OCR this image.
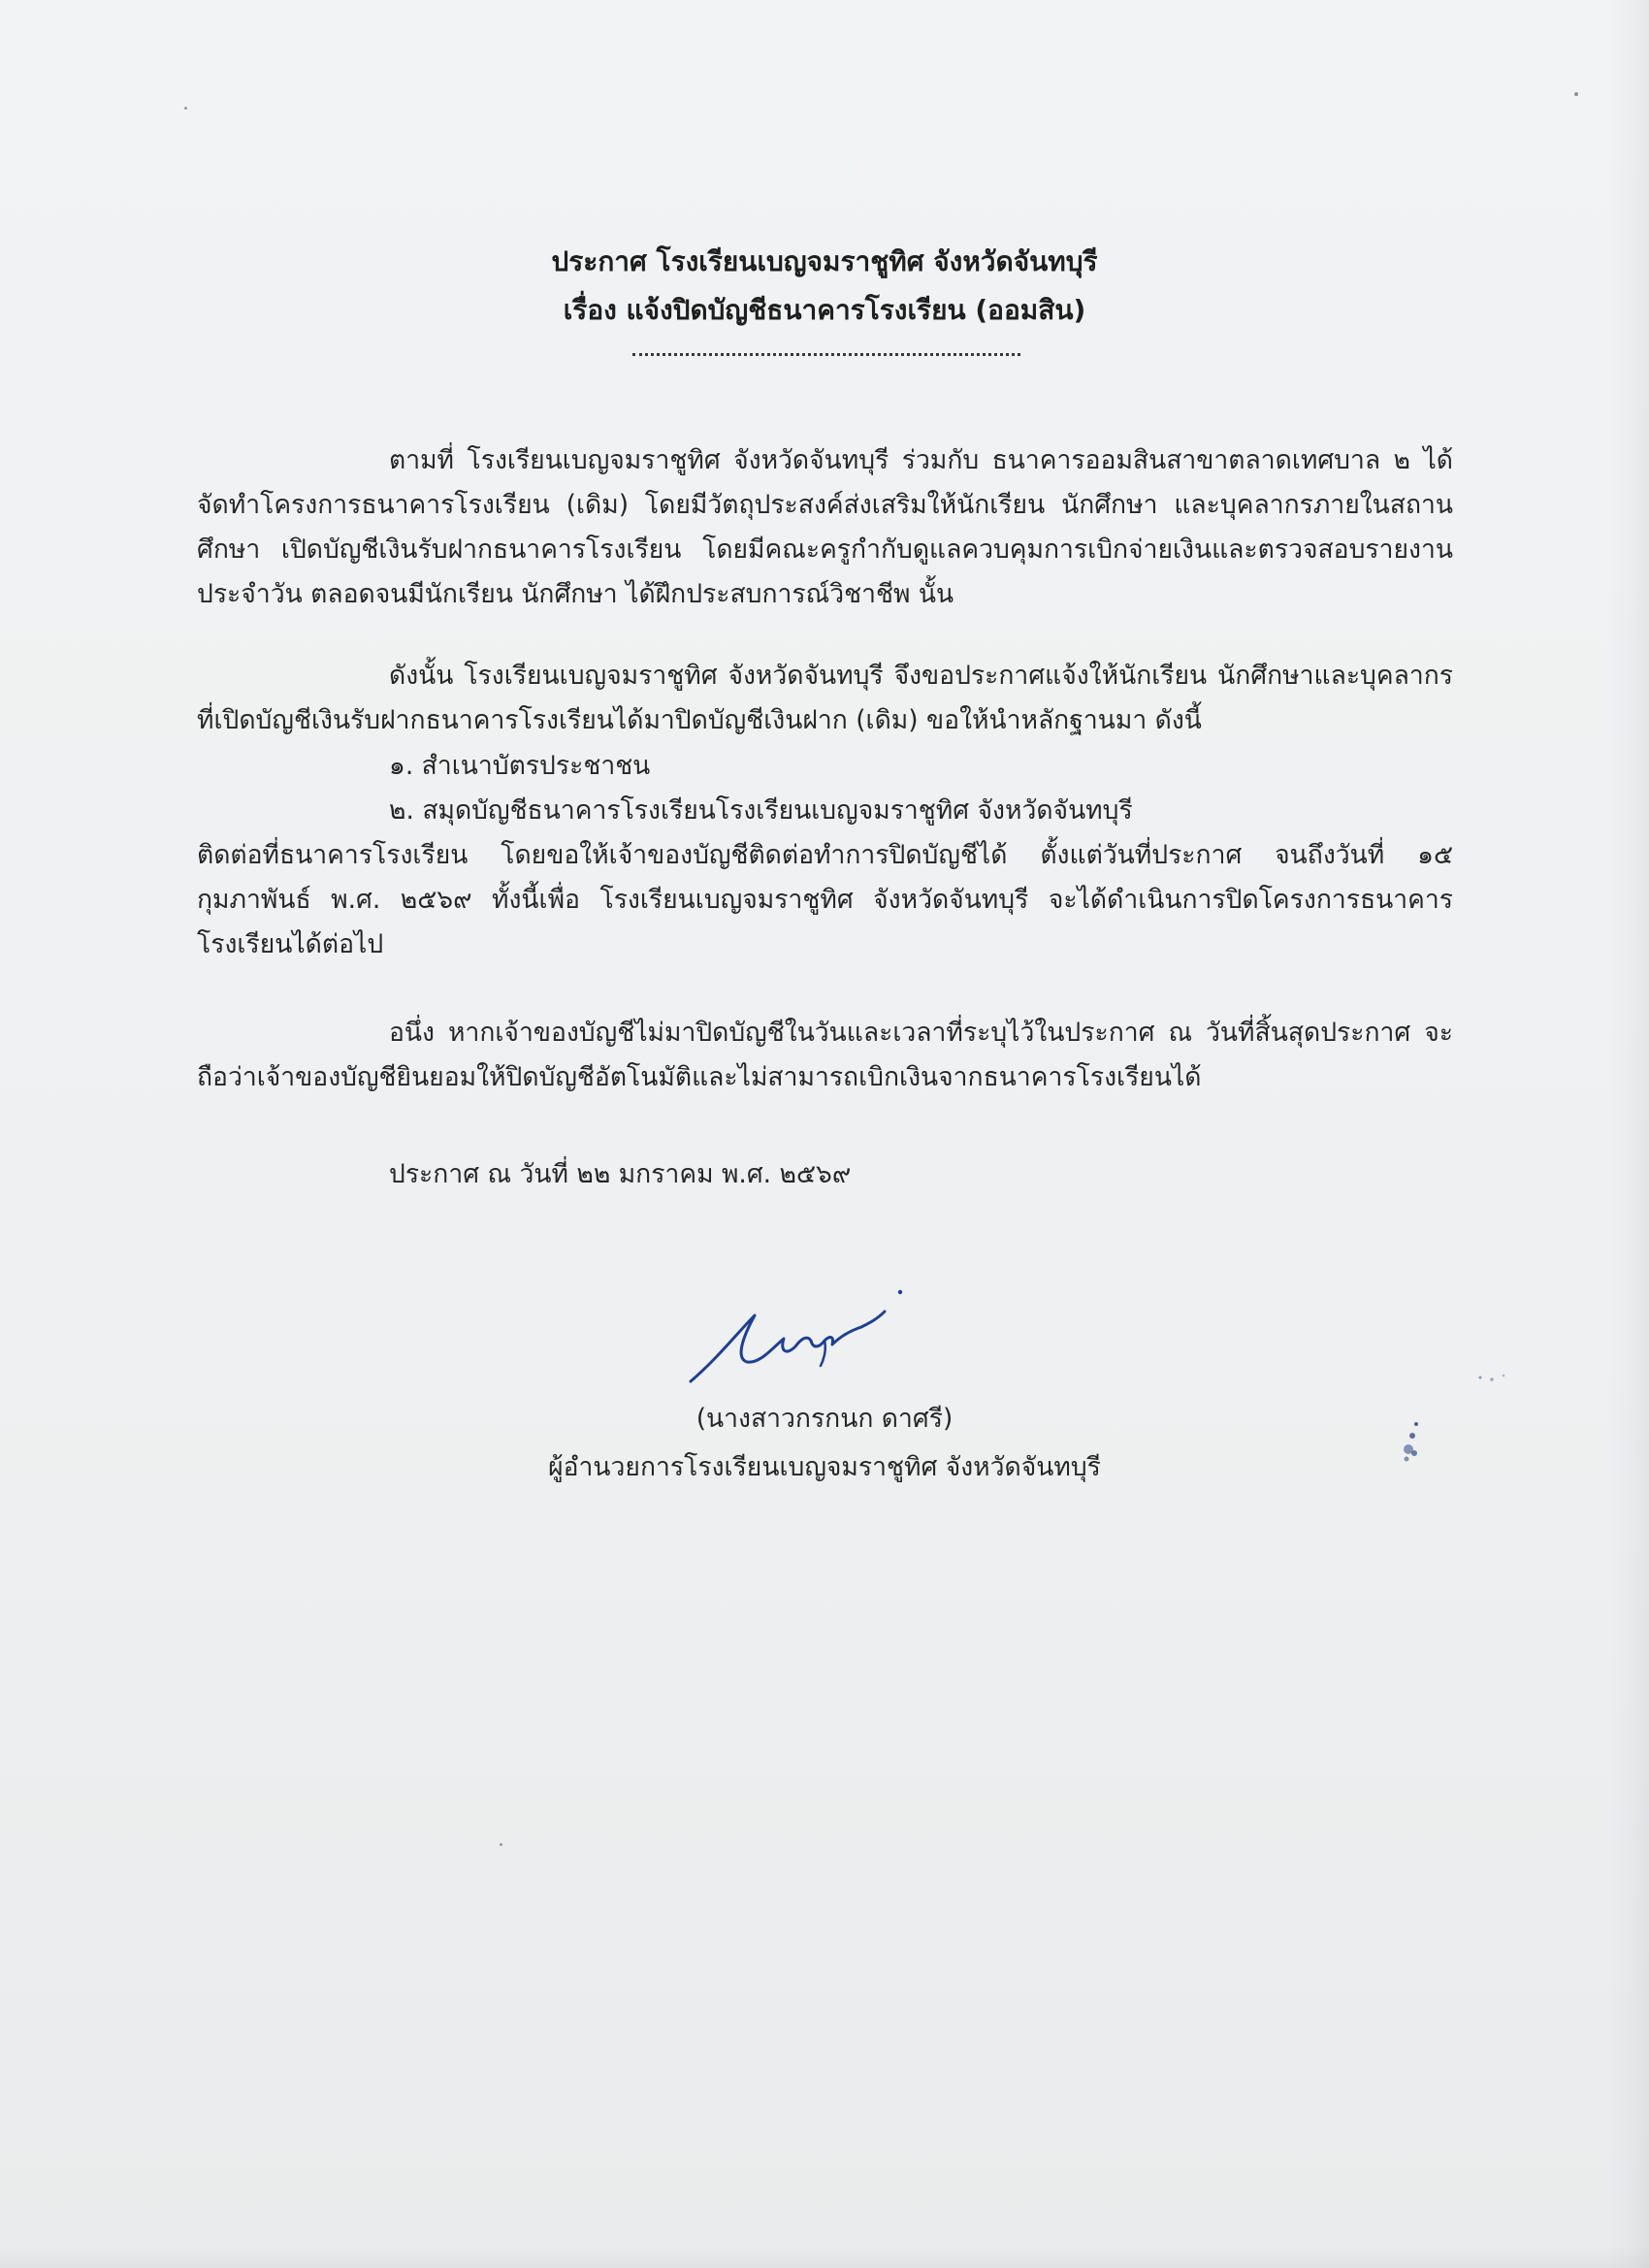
ประกาศ โรงเรียนเบญจมราชูทิศ จังหวัดจันทบุรี
เรื่อง แจ้งปิดบัญชีธนาคารโรงเรียน (ออมสิน)

ตามที่ โรงเรียนเบญจมราชูทิศ จังหวัดจันทบุรี ร่วมกับ ธนาคารออมสินสาขาตลาดเทศบาล ๒ ได้จัดทำโครงการธนาคารโรงเรียน (เดิม) โดยมีวัตถุประสงค์ส่งเสริมให้นักเรียน นักศึกษา และบุคลากรภายในสถานศึกษา เปิดบัญชีเงินรับฝากธนาคารโรงเรียน โดยมีคณะครูกำกับดูแลควบคุมการเบิกจ่ายเงินและตรวจสอบรายงานประจำวัน ตลอดจนมีนักเรียน นักศึกษา ได้ฝึกประสบการณ์วิชาชีพ นั้น

ดังนั้น โรงเรียนเบญจมราชูทิศ จังหวัดจันทบุรี จึงขอประกาศแจ้งให้นักเรียน นักศึกษาและบุคลากรที่เปิดบัญชีเงินรับฝากธนาคารโรงเรียนได้มาปิดบัญชีเงินฝาก (เดิม) ขอให้นำหลักฐานมา ดังนี้

๑. สำเนาบัตรประชาชน
๒. สมุดบัญชีธนาคารโรงเรียนโรงเรียนเบญจมราชูทิศ จังหวัดจันทบุรี

ติดต่อที่ธนาคารโรงเรียน โดยขอให้เจ้าของบัญชีติดต่อทำการปิดบัญชีได้ ตั้งแต่วันที่ประกาศ จนถึงวันที่ ๑๕ กุมภาพันธ์ พ.ศ. ๒๕๖๙ ทั้งนี้เพื่อ โรงเรียนเบญจมราชูทิศ จังหวัดจันทบุรี จะได้ดำเนินการปิดโครงการธนาคารโรงเรียนได้ต่อไป

อนึ่ง หากเจ้าของบัญชีไม่มาปิดบัญชีในวันและเวลาที่ระบุไว้ในประกาศ ณ วันที่สิ้นสุดประกาศ จะถือว่าเจ้าของบัญชียินยอมให้ปิดบัญชีอัตโนมัติและไม่สามารถเบิกเงินจากธนาคารโรงเรียนได้

ประกาศ ณ วันที่ ๒๒ มกราคม พ.ศ. ๒๕๖๙
(นางสาวกรกนก ดาศรี)
ผู้อำนวยการโรงเรียนเบญจมราชูทิศ จังหวัดจันทบุรี
